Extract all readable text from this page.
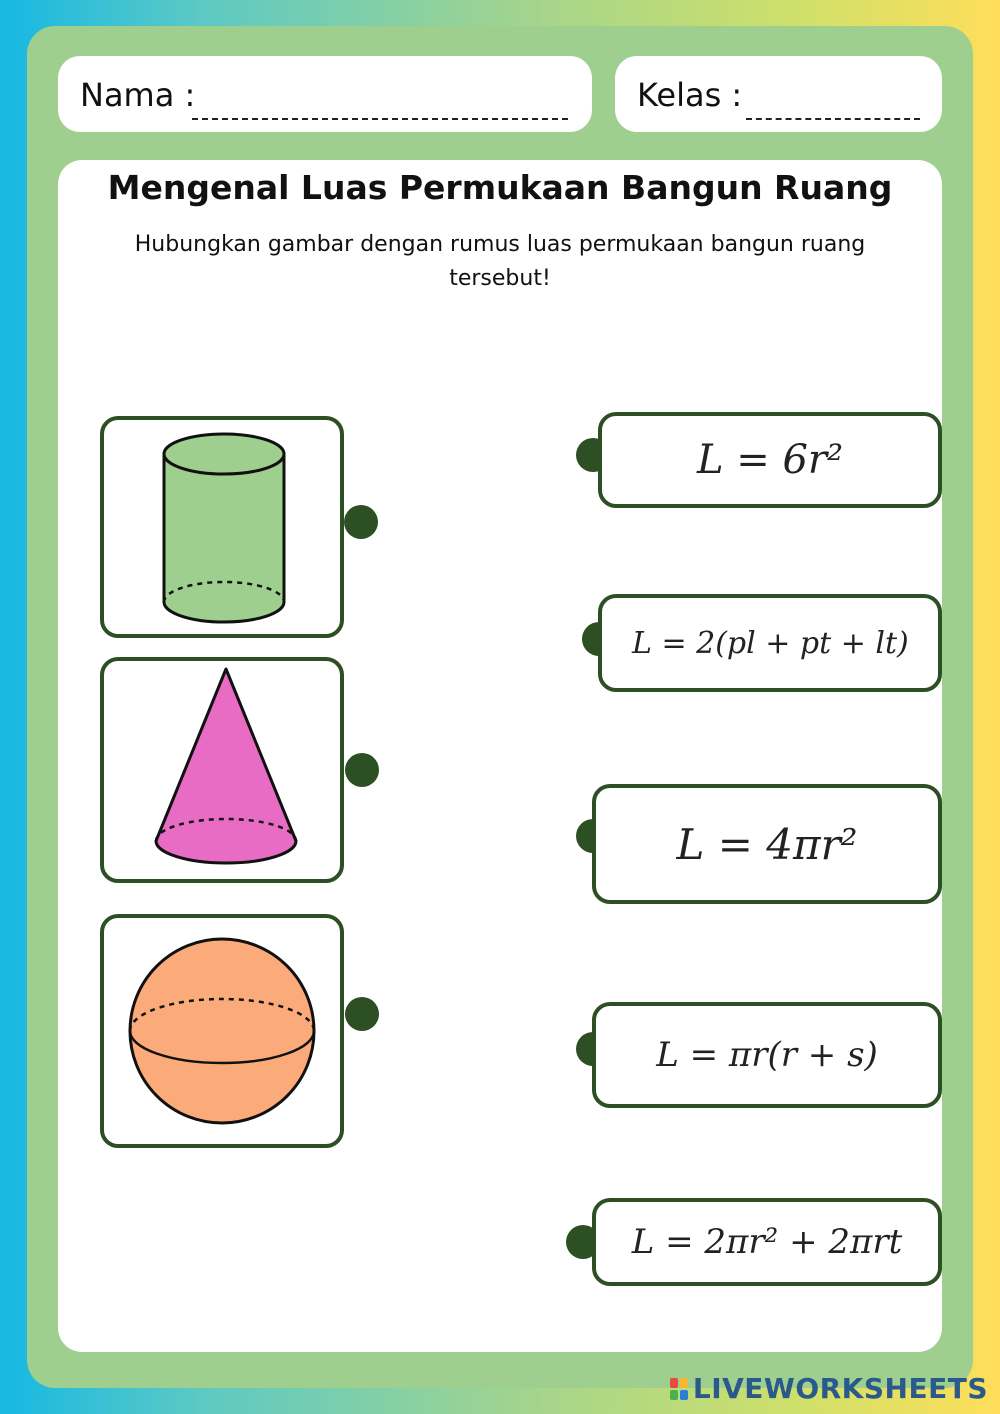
Nama :	Kelas :
Mengenal Luas Permukaan Bangun Ruang
Hubungkan gambar dengan rumus luas permukaan bangun ruang tersebut!
L = 6r²
L = 2(pl + pt + lt)
L = 4πr²
L = πr(r + s)
L = 2πr² + 2πrt
LIVEWORKSHEETS
